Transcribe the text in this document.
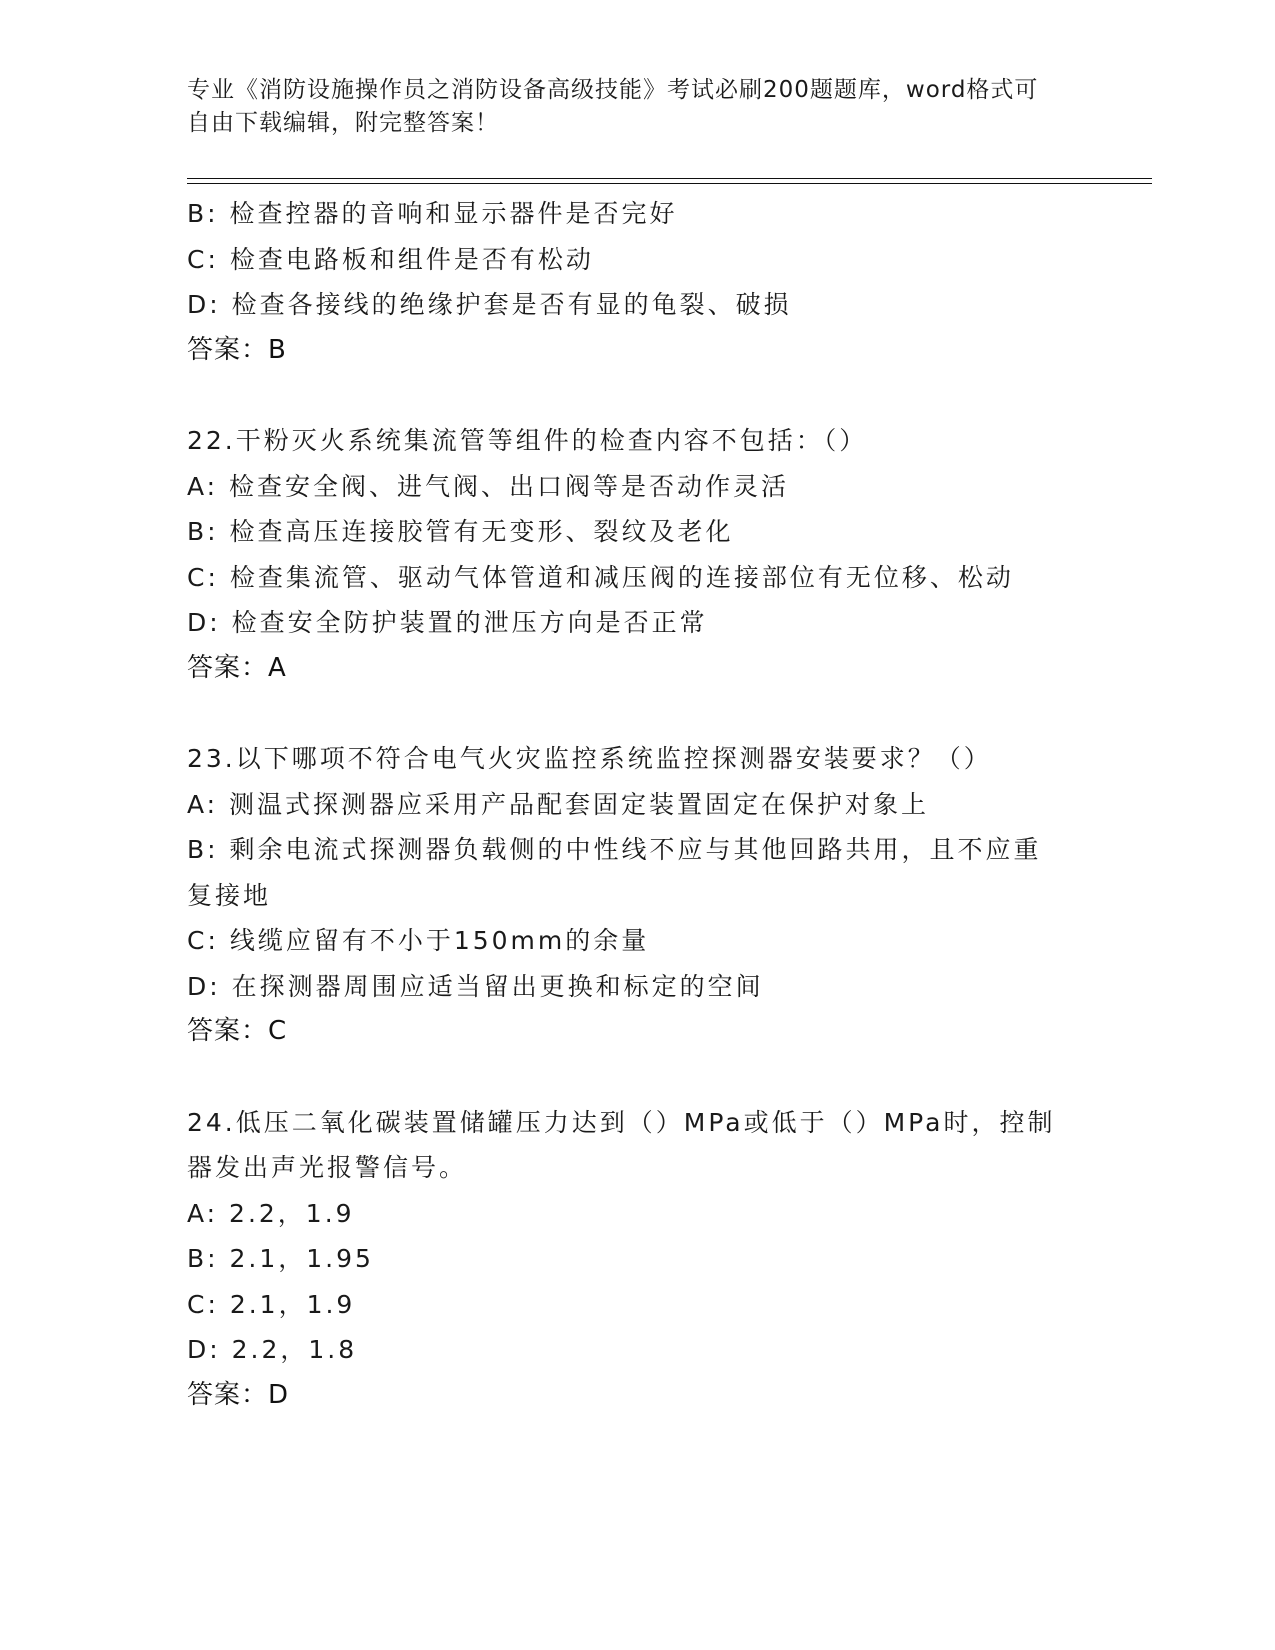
专业《消防设施操作员之消防设备高级技能》考试必刷200题题库，word格式可
自由下载编辑，附完整答案！
B: 检查控器的音响和显示器件是否完好
C: 检查电路板和组件是否有松动
D: 检查各接线的绝缘护套是否有显的龟裂、破损
答案：B
22.干粉灭火系统集流管等组件的检查内容不包括：（）
A: 检查安全阀、进气阀、出口阀等是否动作灵活
B: 检查高压连接胶管有无变形、裂纹及老化
C: 检查集流管、驱动气体管道和减压阀的连接部位有无位移、松动
D: 检查安全防护装置的泄压方向是否正常
答案：A
23.以下哪项不符合电气火灾监控系统监控探测器安装要求？（）
A: 测温式探测器应采用产品配套固定装置固定在保护对象上
B: 剩余电流式探测器负载侧的中性线不应与其他回路共用，且不应重
复接地
C: 线缆应留有不小于150mm的余量
D: 在探测器周围应适当留出更换和标定的空间
答案：C
24.低压二氧化碳装置储罐压力达到（）MPa或低于（）MPa时，控制
器发出声光报警信号。
A: 2.2，1.9
B: 2.1，1.95
C: 2.1，1.9
D: 2.2，1.8
答案：D
